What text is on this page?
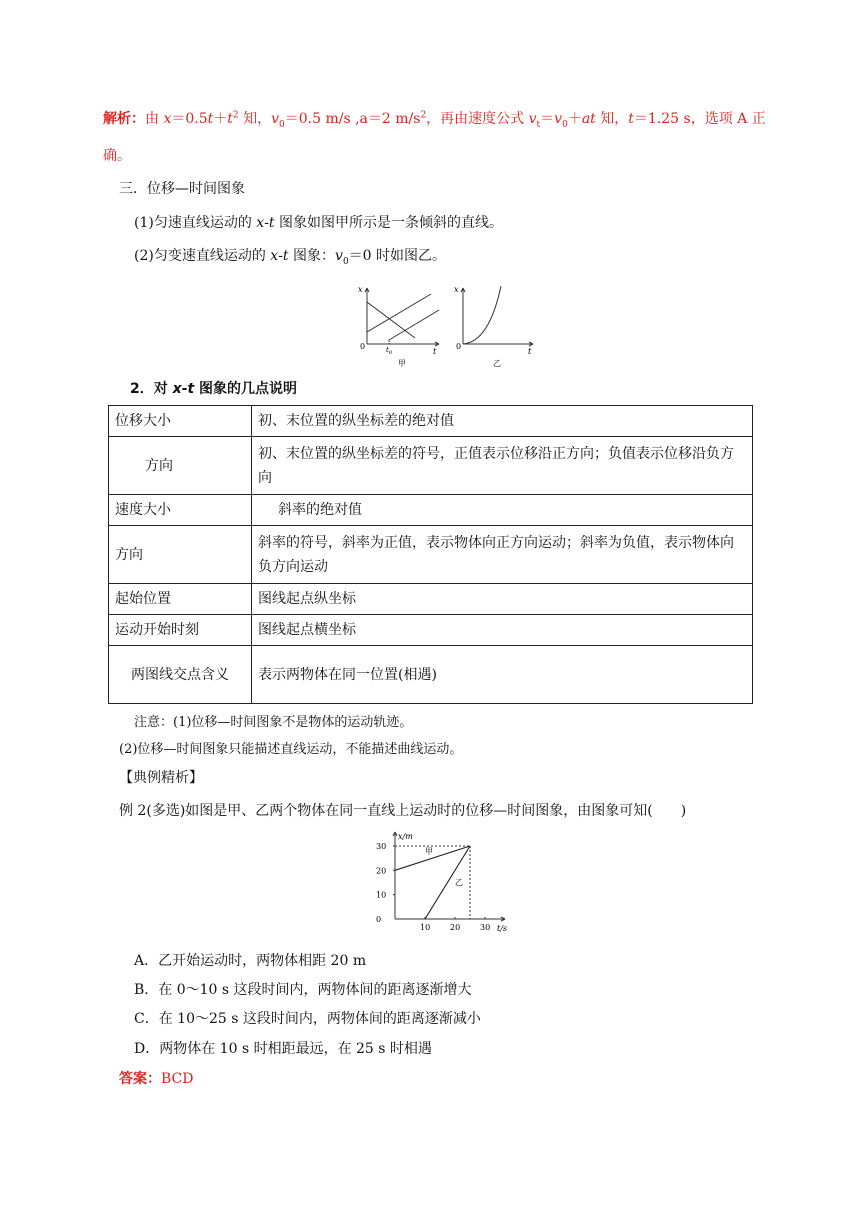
解析：由 $x=0.5t+t^2$ 知，$v_0=0.5$ m/s ,a＝2 $m/s^2$，再由速度公式 $v_t=v_0+at$ 知，t＝1.25 s，选项 A 正
确。
三．位移—时间图象
(1)匀速直线运动的 x-t 图象如图甲所示是一条倾斜的直线。
(2)匀变速直线运动的 x-t 图象：$v_0=0$ 时如图乙。
x
0	$t_0$	t
甲
x
0
t
乙
2．对 x-t 图象的几点说明
位移大小	初、末位置的纵坐标差的绝对值
方向	初、末位置的纵坐标差的符号，正值表示位移沿正方向；负值表示位移沿负方向
速度大小	斜率的绝对值
方向	斜率的符号，斜率为正值，表示物体向正方向运动；斜率为负值，表示物体向负方向运动
起始位置	图线起点纵坐标
运动开始时刻	图线起点横坐标
两图线交点含义	表示两物体在同一位置(相遇)
注意：(1)位移—时间图象不是物体的运动轨迹。
(2)位移—时间图象只能描述直线运动，不能描述曲线运动。
【典例精析】
例 2(多选)如图是甲、乙两个物体在同一直线上运动时的位移—时间图象，由图象可知(　　)
x/m
t/s
0
10
20
30
10 20 30
甲
乙
A．乙开始运动时，两物体相距 20 m
B．在 0～10 s 这段时间内，两物体间的距离逐渐增大
C．在 10～25 s 这段时间内，两物体间的距离逐渐减小
D．两物体在 10 s 时相距最远，在 25 s 时相遇
答案：BCD
